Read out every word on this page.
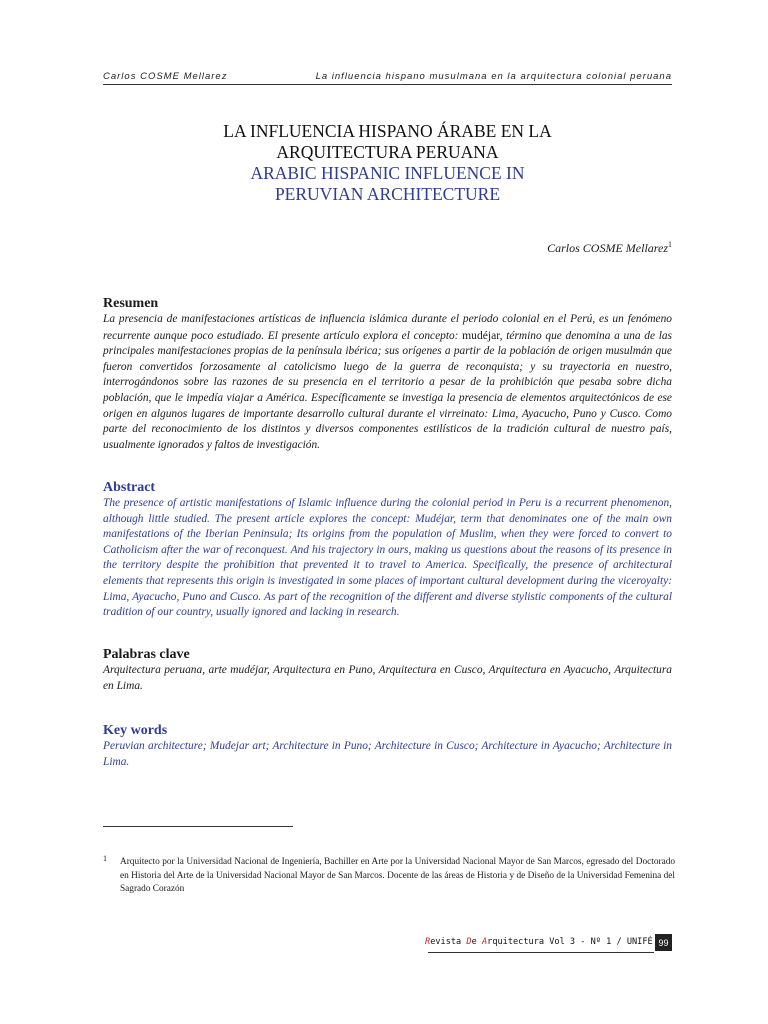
Carlos COSME Mellarez	La influencia hispano musulmana en la arquitectura colonial peruana
LA INFLUENCIA HISPANO ÁRABE EN LA
ARQUITECTURA PERUANA
ARABIC HISPANIC INFLUENCE IN
PERUVIAN ARCHITECTURE
Carlos COSME Mellarez$^1$
Resumen

La presencia de manifestaciones artísticas de influencia islámica durante el periodo colonial en el Perú, es un fenómeno recurrente aunque poco estudiado. El presente artículo explora el concepto: mudéjar, término que denomina a una de las principales manifestaciones propias de la península ibérica; sus orígenes a partir de la población de origen musulmán que fueron convertidos forzosamente al catolicismo luego de la guerra de reconquista; y su trayectoria en nuestro, interrogándonos sobre las razones de su presencia en el territorio a pesar de la prohibición que pesaba sobre dicha población, que le impedía viajar a América. Específicamente se investiga la presencia de elementos arquitectónicos de ese origen en algunos lugares de importante desarrollo cultural durante el virreinato: Lima, Ayacucho, Puno y Cusco. Como parte del reconocimiento de los distintos y diversos componentes estilísticos de la tradición cultural de nuestro país, usualmente ignorados y faltos de investigación.

Abstract

The presence of artistic manifestations of Islamic influence during the colonial period in Peru is a recurrent phenomenon, although little studied. The present article explores the concept: Mudéjar, term that denominates one of the main own manifestations of the Iberian Peninsula; Its origins from the population of Muslim, when they were forced to convert to Catholicism after the war of reconquest. And his trajectory in ours, making us questions about the reasons of its presence in the territory despite the prohibition that prevented it to travel to America. Specifically, the presence of architectural elements that represents this origin is investigated in some places of important cultural development during the viceroyalty: Lima, Ayacucho, Puno and Cusco. As part of the recognition of the different and diverse stylistic components of the cultural tradition of our country, usually ignored and lacking in research.

Palabras clave

Arquitectura peruana, arte mudéjar, Arquitectura en Puno, Arquitectura en Cusco, Arquitectura en Ayacucho, Arquitectura en Lima.

Key words

Peruvian architecture; Mudejar art; Architecture in Puno; Architecture in Cusco; Architecture in Ayacucho; Architecture in Lima.

1	Arquitecto por la Universidad Nacional de Ingeniería, Bachiller en Arte por la Universidad Nacional Mayor de San Marcos, egresado del Doctorado en Historia del Arte de la Universidad Nacional Mayor de San Marcos. Docente de las áreas de Historia y de Diseño de la Universidad Femenina del Sagrado Corazón
Revista De Arquitectura Vol 3 - Nº 1 / UNIFÉ 99
